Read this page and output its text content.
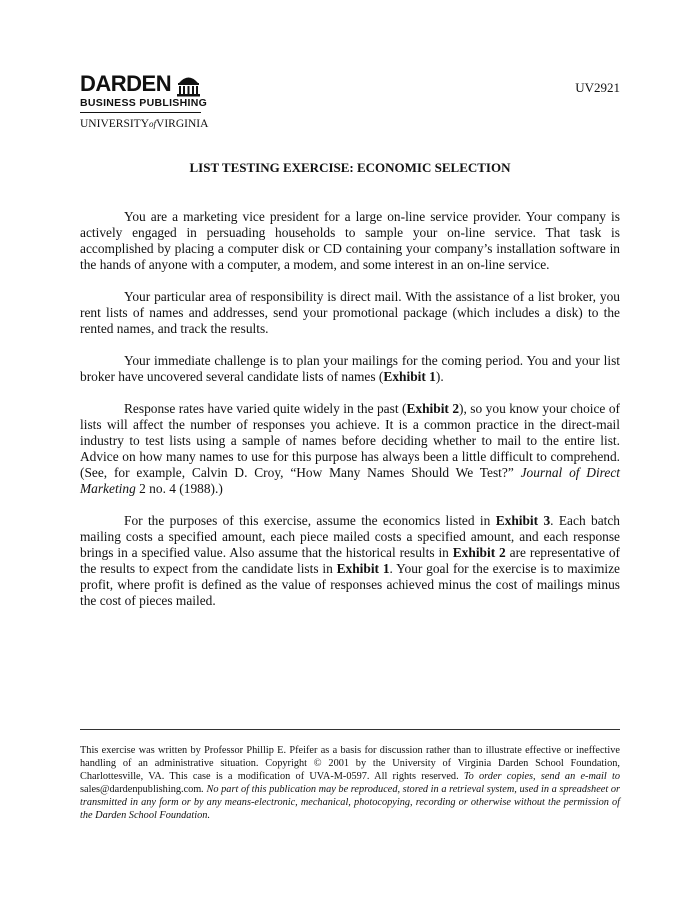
DARDEN
BUSINESS PUBLISHING
UNIVERSITYofVIRGINIA
UV2921
LIST TESTING EXERCISE: ECONOMIC SELECTION

You are a marketing vice president for a large on-line service provider. Your company is actively engaged in persuading households to sample your on-line service. That task is accomplished by placing a computer disk or CD containing your company’s installation software in the hands of anyone with a computer, a modem, and some interest in an on-line service.

Your particular area of responsibility is direct mail. With the assistance of a list broker, you rent lists of names and addresses, send your promotional package (which includes a disk) to the rented names, and track the results.

Your immediate challenge is to plan your mailings for the coming period. You and your list broker have uncovered several candidate lists of names (Exhibit 1).

Response rates have varied quite widely in the past (Exhibit 2), so you know your choice of lists will affect the number of responses you achieve. It is a common practice in the direct-mail industry to test lists using a sample of names before deciding whether to mail to the entire list. Advice on how many names to use for this purpose has always been a little difficult to comprehend. (See, for example, Calvin D. Croy, “How Many Names Should We Test?” Journal of Direct Marketing 2 no. 4 (1988).)

For the purposes of this exercise, assume the economics listed in Exhibit 3. Each batch mailing costs a specified amount, each piece mailed costs a specified amount, and each response brings in a specified value. Also assume that the historical results in Exhibit 2 are representative of the results to expect from the candidate lists in Exhibit 1. Your goal for the exercise is to maximize profit, where profit is defined as the value of responses achieved minus the cost of mailings minus the cost of pieces mailed.

This exercise was written by Professor Phillip E. Pfeifer as a basis for discussion rather than to illustrate effective or ineffective handling of an administrative situation. Copyright © 2001 by the University of Virginia Darden School Foundation, Charlottesville, VA. This case is a modification of UVA-M-0597. All rights reserved. To order copies, send an e-mail to sales@dardenpublishing.com. No part of this publication may be reproduced, stored in a retrieval system, used in a spreadsheet or transmitted in any form or by any means-electronic, mechanical, photocopying, recording or otherwise without the permission of the Darden School Foundation.
